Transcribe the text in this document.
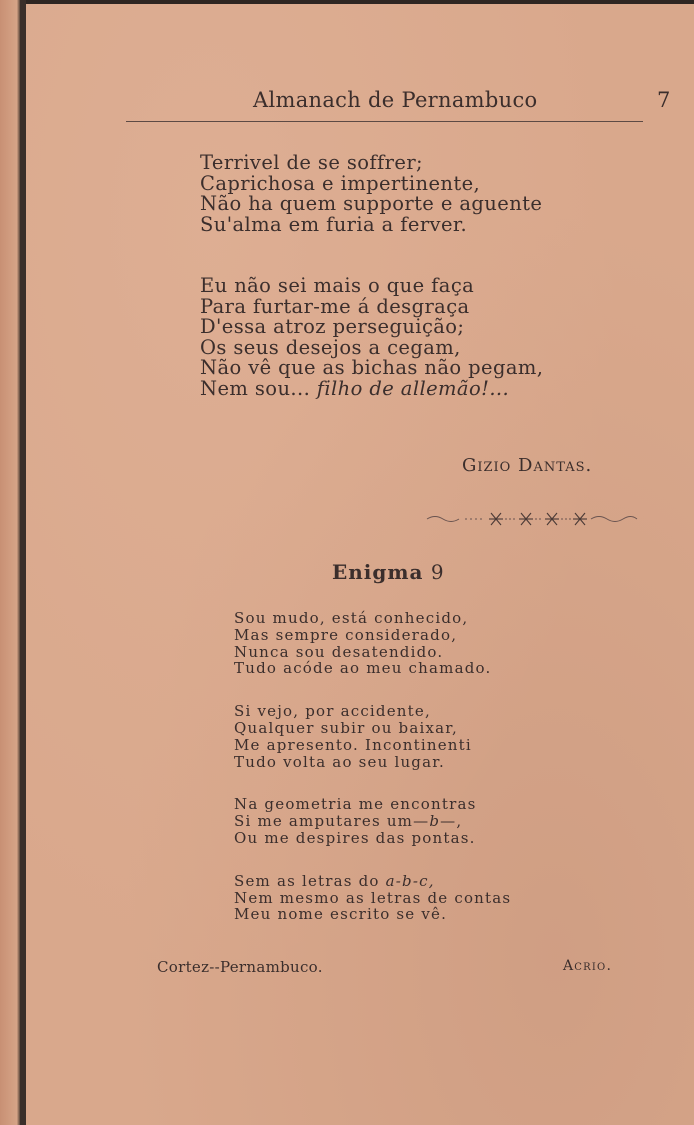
Almanach de Pernambuco	7
Terrivel de se soffrer;
Caprichosa e impertinente,
Não ha quem supporte e aguente
Su'alma em furia a ferver.
Eu não sei mais o que faça
Para furtar-me á desgraça
D'essa atroz perseguição;
Os seus desejos a cegam,
Não vê que as bichas não pegam,
Nem sou... filho de allemão!...
Gizio Dantas.
Enigma 9
Sou mudo, está conhecido,
Mas sempre considerado,
Nunca sou desatendido.
Tudo acóde ao meu chamado.
Si vejo, por accidente,
Qualquer subir ou baixar,
Me apresento. Incontinenti
Tudo volta ao seu lugar.
Na geometria me encontras
Si me amputares um—b—,
Ou me despires das pontas.
Sem as letras do a-b-c,
Nem mesmo as letras de contas
Meu nome escrito se vê.
Cortez--Pernambuco.	Acrio.
